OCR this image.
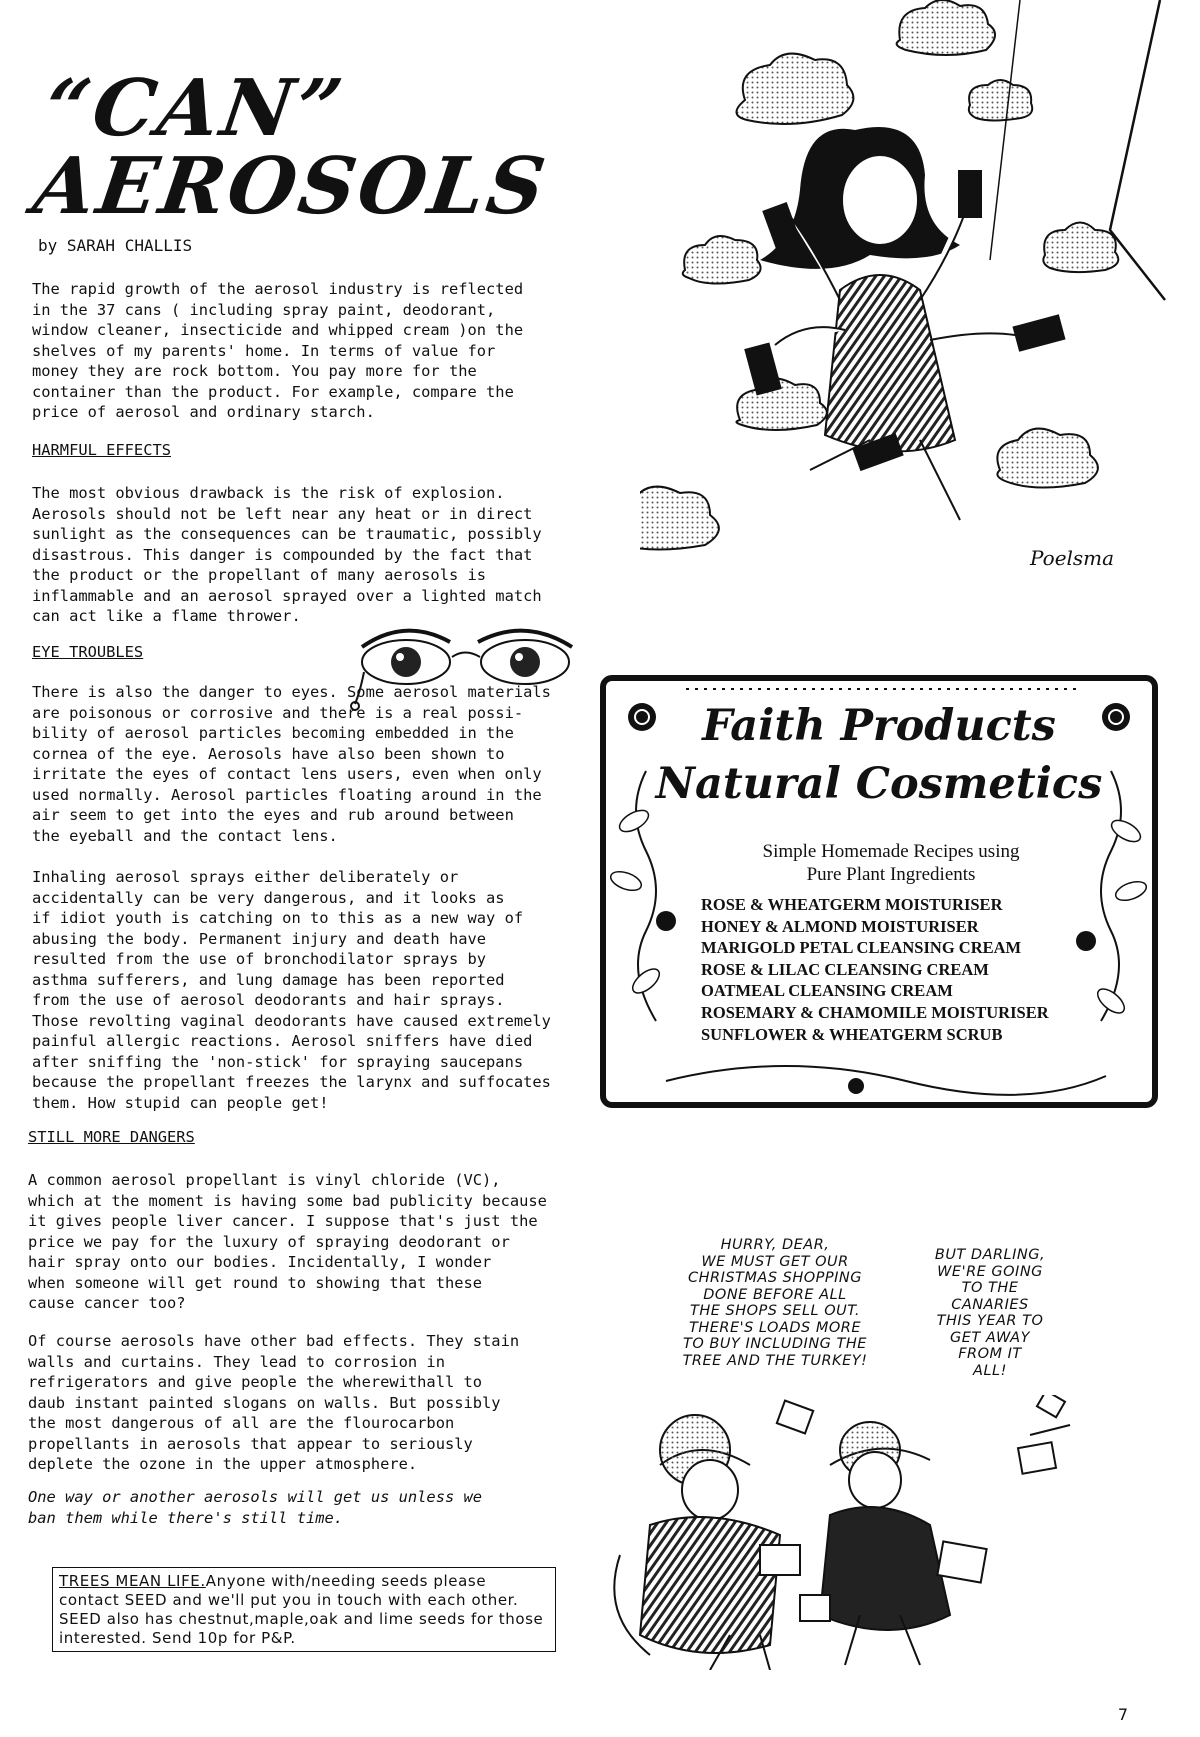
“CAN” AEROSOLS
by SARAH CHALLIS
The rapid growth of the aerosol industry is reflected
in the 37 cans ( including spray paint, deodorant,
window cleaner, insecticide and whipped cream )on the
shelves of my parents' home. In terms of value for
money they are rock bottom. You pay more for the
container than the product. For example, compare the
price of aerosol and ordinary starch.
HARMFUL EFFECTS
The most obvious drawback is the risk of explosion.
Aerosols should not be left near any heat or in direct
sunlight as the consequences can be traumatic, possibly
disastrous. This danger is compounded by the fact that
the product or the propellant of many aerosols is
inflammable and an aerosol sprayed over a lighted match
can act like a flame thrower.
EYE TROUBLES
There is also the danger to eyes. Some aerosol materials
are poisonous or corrosive and there is a real possi-
bility of aerosol particles becoming embedded in the
cornea of the eye. Aerosols have also been shown to
irritate the eyes of contact lens users, even when only
used normally. Aerosol particles floating around in the
air seem to get into the eyes and rub around between
the eyeball and the contact lens.
Inhaling aerosol sprays either deliberately or
accidentally can be very dangerous, and it looks as
if idiot youth is catching on to this as a new way of
abusing the body. Permanent injury and death have
resulted from the use of bronchodilator sprays by
asthma sufferers, and lung damage has been reported
from the use of aerosol deodorants and hair sprays.
Those revolting vaginal deodorants have caused extremely
painful allergic reactions. Aerosol sniffers have died
after sniffing the 'non-stick' for spraying saucepans
because the propellant freezes the larynx and suffocates
them. How stupid can people get!
STILL MORE DANGERS
A common aerosol propellant is vinyl chloride (VC),
which at the moment is having some bad publicity because
it gives people liver cancer. I suppose that's just the
price we pay for the luxury of spraying deodorant or
hair spray onto our bodies. Incidentally, I wonder
when someone will get round to showing that these
cause cancer too?
Of course aerosols have other bad effects. They stain
walls and curtains. They lead to corrosion in
refrigerators and give people the wherewithall to
daub instant painted slogans on walls. But possibly
the most dangerous of all are the flourocarbon
propellants in aerosols that appear to seriously
deplete the ozone in the upper atmosphere.
One way or another aerosols will get us unless we
ban them while there's still time.
TREES MEAN LIFE.Anyone with/needing seeds please contact SEED and we'll put you in touch with each other. SEED also has chestnut,maple,oak and lime seeds for those interested. Send 10p for P&P.
Poelsma
Faith Products
Natural Cosmetics
Simple Homemade Recipes using Pure Plant Ingredients
ROSE & WHEATGERM MOISTURISER
HONEY & ALMOND MOISTURISER
MARIGOLD PETAL CLEANSING CREAM
ROSE & LILAC CLEANSING CREAM
OATMEAL CLEANSING CREAM
ROSEMARY & CHAMOMILE MOISTURISER
SUNFLOWER & WHEATGERM SCRUB
HURRY, DEAR,
WE MUST GET OUR
CHRISTMAS SHOPPING
DONE BEFORE ALL
THE SHOPS SELL OUT.
THERE'S LOADS MORE
TO BUY INCLUDING THE
TREE AND THE TURKEY!
BUT DARLING,
WE'RE GOING
TO THE
CANARIES
THIS YEAR TO
GET AWAY
FROM IT
ALL!
7
